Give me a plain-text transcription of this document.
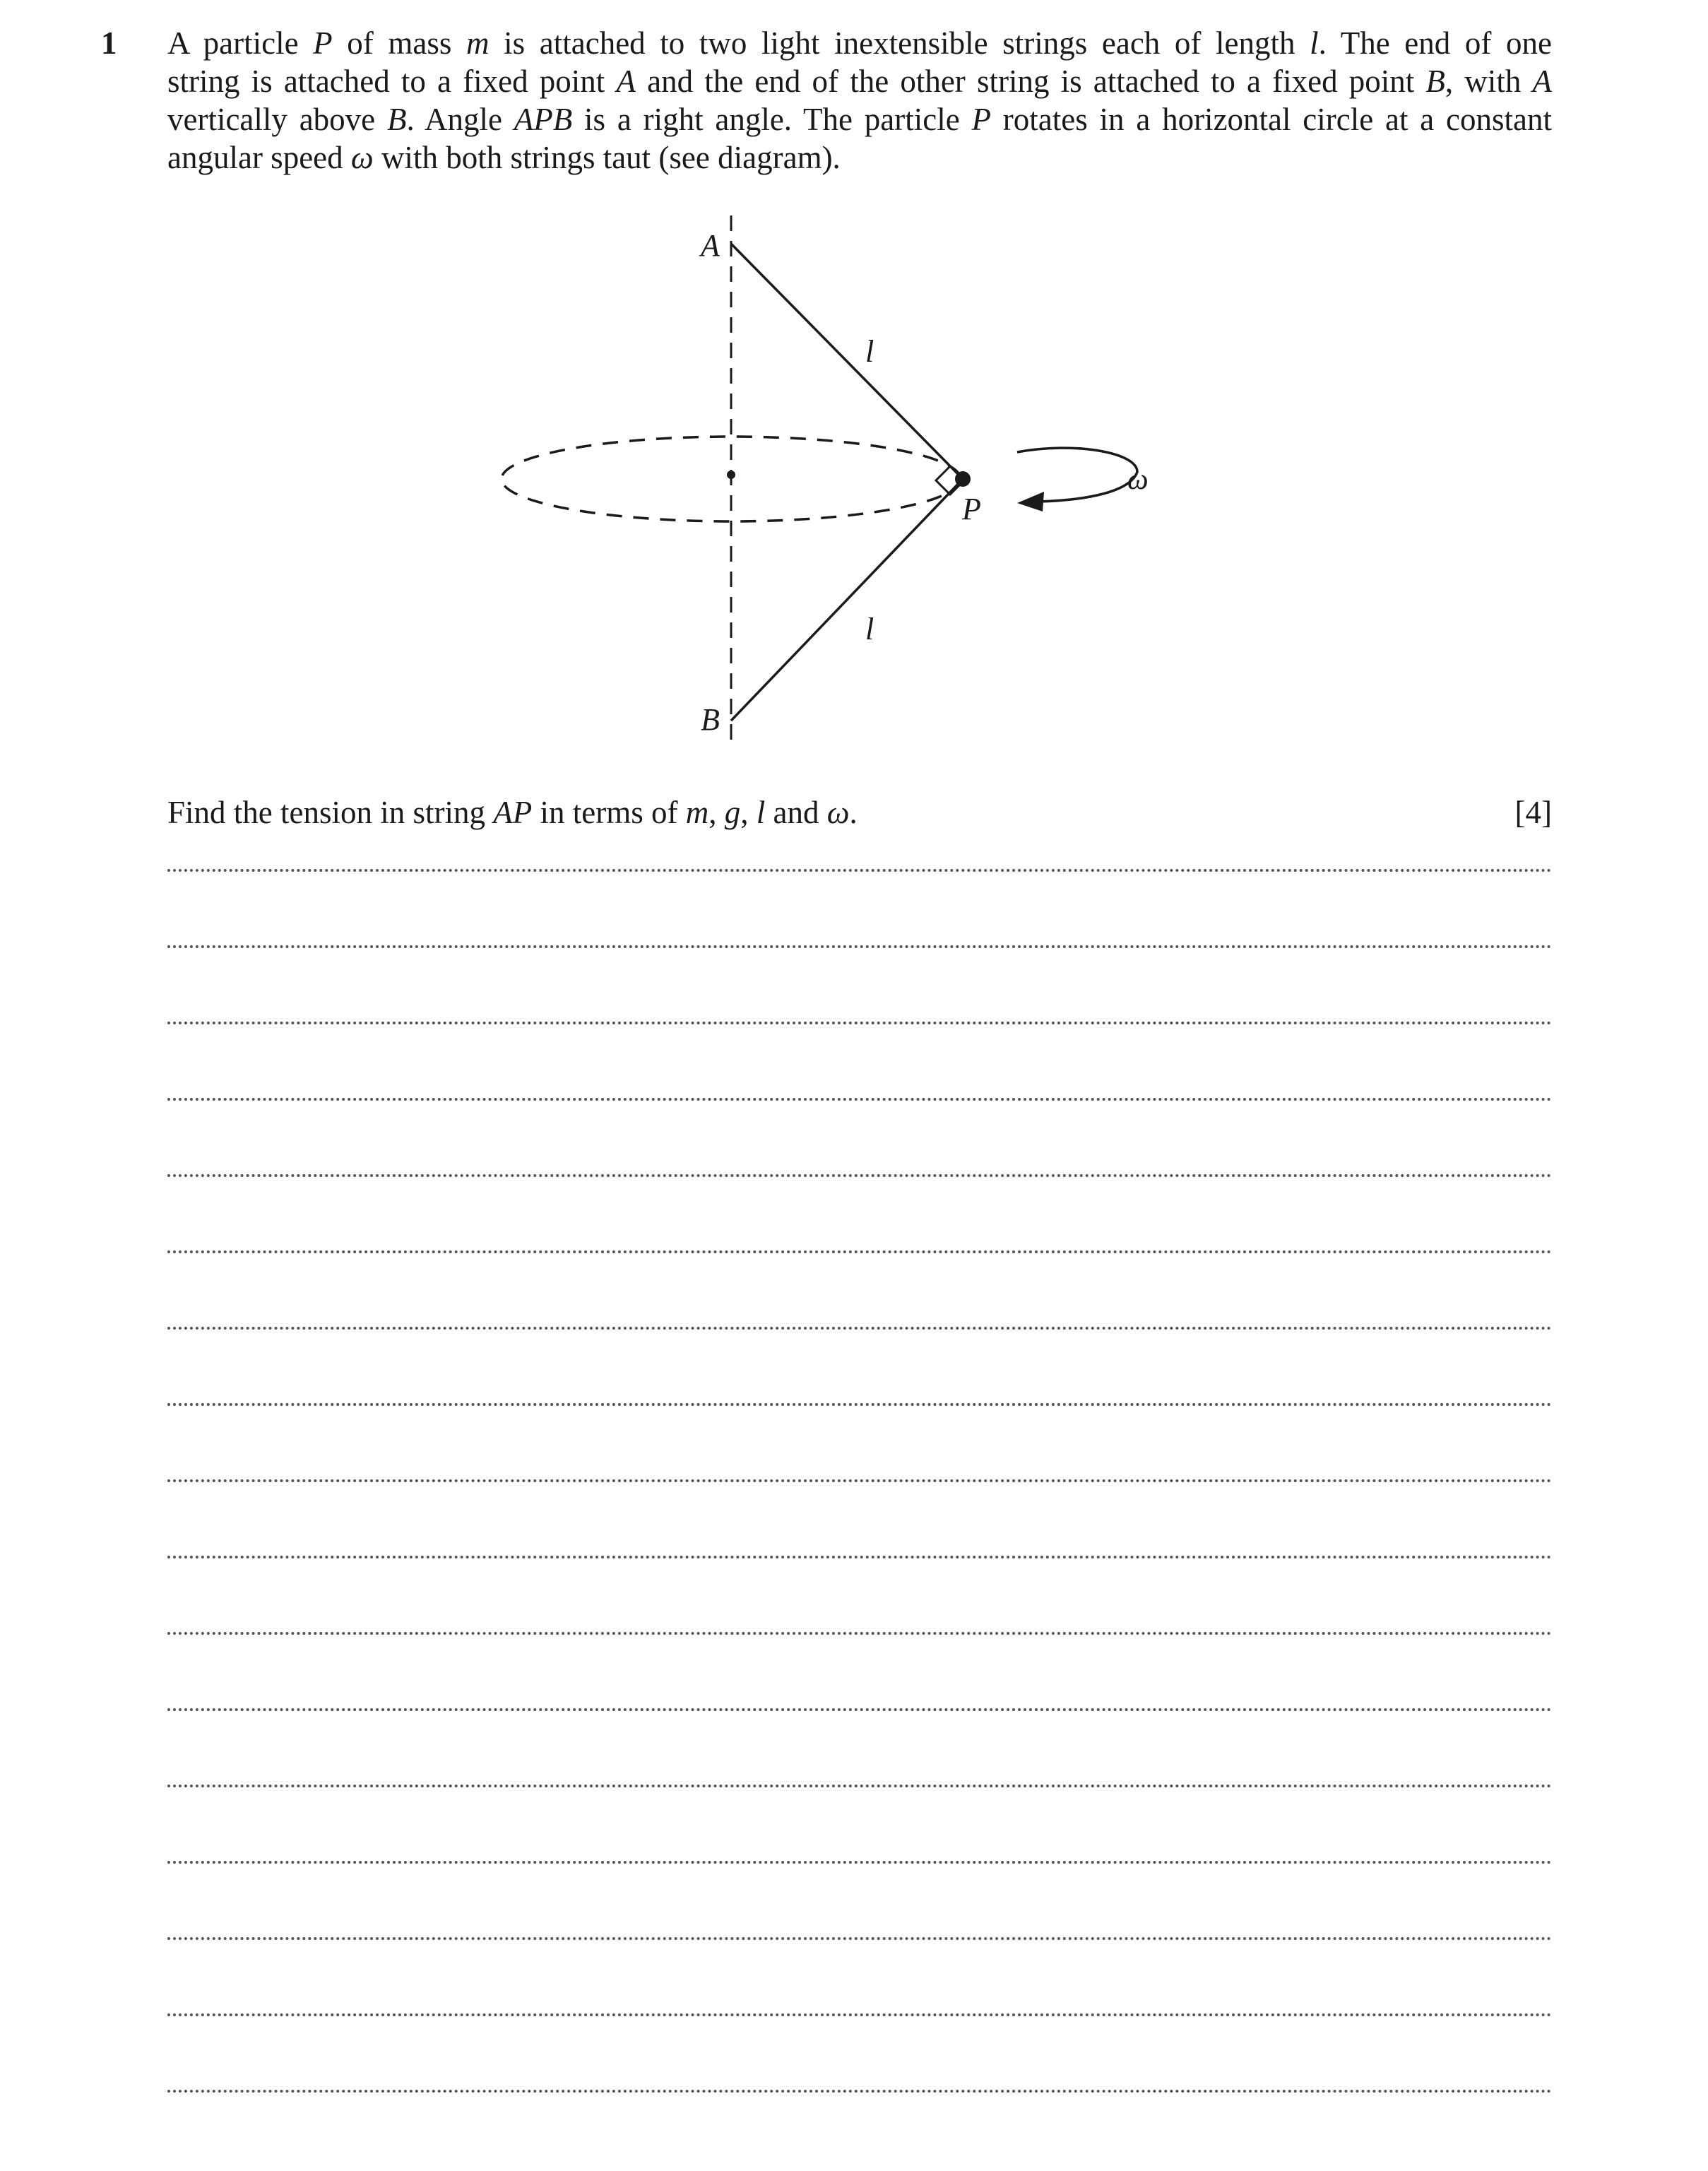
1 A particle P of mass m is attached to two light inextensible strings each of length l. The end of one
string is attached to a fixed point A and the end of the other string is attached to a fixed point B, with A
vertically above B. Angle APB is a right angle. The particle P rotates in a horizontal circle at a constant
angular speed ω with both strings taut (see diagram).
A
B
P
l
l
ω
Find the tension in string AP in terms of m, g, l and ω.	[4]
